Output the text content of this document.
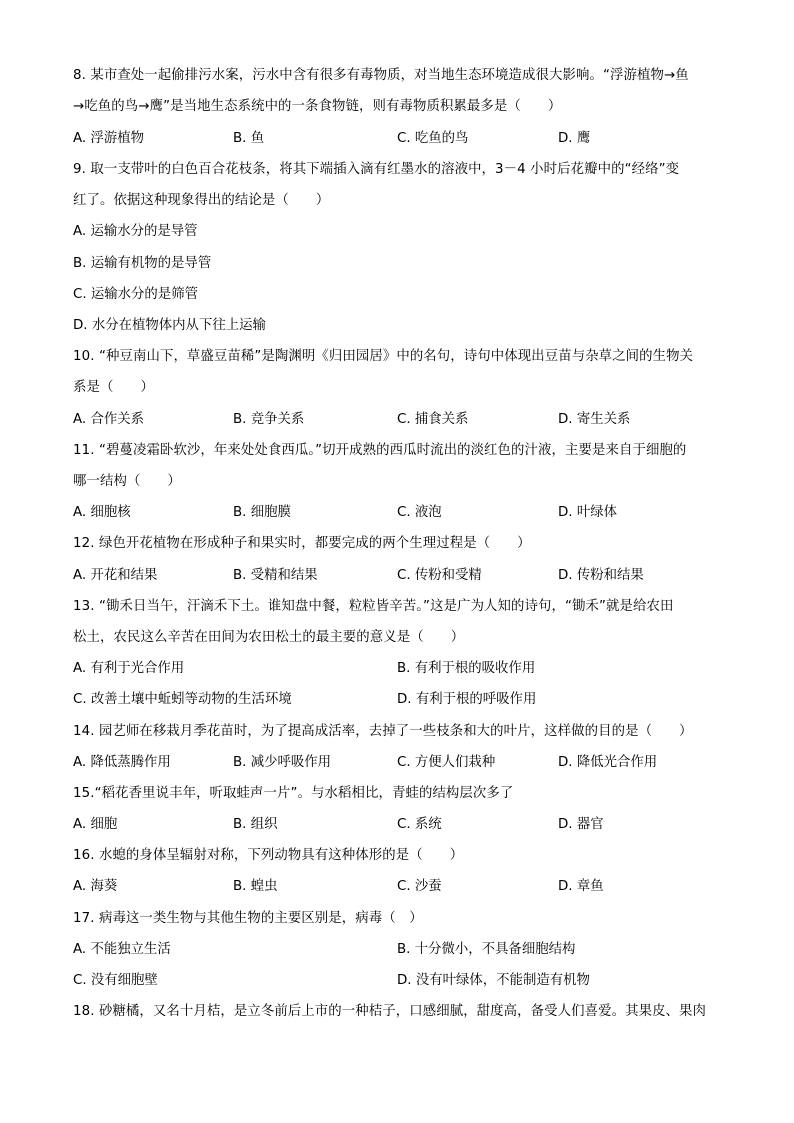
8. 某市查处一起偷排污水案，污水中含有很多有毒物质，对当地生态环境造成很大影响。“浮游植物→鱼
→吃鱼的鸟→鹰”是当地生态系统中的一条食物链，则有毒物质积累最多是（　　）
A. 浮游植物	B. 鱼	C. 吃鱼的鸟	D. 鹰
9. 取一支带叶的白色百合花枝条，将其下端插入滴有红墨水的溶液中，3－4 小时后花瓣中的“经络”变
红了。依据这种现象得出的结论是（　　）
A. 运输水分的是导管
B. 运输有机物的是导管
C. 运输水分的是筛管
D. 水分在植物体内从下往上运输
10. “种豆南山下，草盛豆苗稀”是陶渊明《归田园居》中的名句，诗句中体现出豆苗与杂草之间的生物关
系是（　　）
A. 合作关系	B. 竞争关系	C. 捕食关系	D. 寄生关系
11. “碧蔓凌霜卧软沙，年来处处食西瓜。”切开成熟的西瓜时流出的淡红色的汁液，主要是来自于细胞的
哪一结构（　　）
A. 细胞核	B. 细胞膜	C. 液泡	D. 叶绿体
12. 绿色开花植物在形成种子和果实时，都要完成的两个生理过程是（　　）
A. 开花和结果	B. 受精和结果	C. 传粉和受精	D. 传粉和结果
13. “锄禾日当午，汗滴禾下土。谁知盘中餐，粒粒皆辛苦。”这是广为人知的诗句，“锄禾”就是给农田
松土，农民这么辛苦在田间为农田松土的最主要的意义是（　　）
A. 有利于光合作用	B. 有利于根的吸收作用
C. 改善土壤中蚯蚓等动物的生活环境	D. 有利于根的呼吸作用
14. 园艺师在移栽月季花苗时，为了提高成活率，去掉了一些枝条和大的叶片，这样做的目的是（　　）
A. 降低蒸腾作用	B. 减少呼吸作用	C. 方便人们栽种	D. 降低光合作用
15.“稻花香里说丰年，听取蛙声一片”。与水稻相比，青蛙的结构层次多了
A. 细胞	B. 组织	C. 系统	D. 器官
16. 水螅的身体呈辐射对称，下列动物具有这种体形的是（　　）
A. 海葵	B. 蝗虫	C. 沙蚕	D. 章鱼
17. 病毒这一类生物与其他生物的主要区别是，病毒（　）
A. 不能独立生活	B. 十分微小，不具备细胞结构
C. 没有细胞壁	D. 没有叶绿体，不能制造有机物
18. 砂糖橘，又名十月桔，是立冬前后上市的一种桔子，口感细腻，甜度高，备受人们喜爱。其果皮、果肉
